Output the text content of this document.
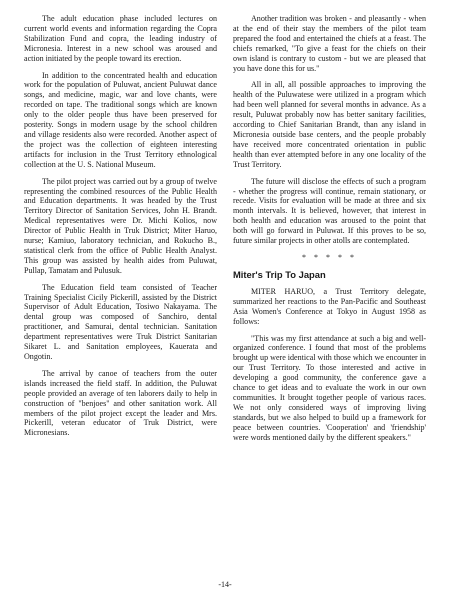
The adult education phase included lectures on current world events and information regarding the Copra Stabilization Fund and copra, the leading industry of Micronesia. Interest in a new school was aroused and action initiated by the people toward its erection.

In addition to the concentrated health and education work for the population of Puluwat, ancient Puluwat dance songs, and medicine, magic, war and love chants, were recorded on tape. The traditional songs which are known only to the older people thus have been preserved for posterity. Songs in modern usage by the school children and village residents also were recorded. Another aspect of the project was the collection of eighteen interesting artifacts for inclusion in the Trust Territory ethnological collection at the U. S. National Museum.

The pilot project was carried out by a group of twelve representing the combined resources of the Public Health and Education departments. It was headed by the Trust Territory Director of Sanitation Services, John H. Brandt. Medical representatives were Dr. Michi Kolios, now Director of Public Health in Truk District; Miter Haruo, nurse; Kamiuo, laboratory technician, and Rokucho B., statistical clerk from the office of Public Health Analyst. This group was assisted by health aides from Puluwat, Pullap, Tamatam and Pulusuk.

The Education field team consisted of Teacher Training Specialist Cicily Pickerill, assisted by the District Supervisor of Adult Education, Tosiwo Nakayama. The dental group was composed of Sanchiro, dental practitioner, and Samurai, dental technician. Sanitation department representatives were Truk District Sanitarian Sikaret L. and Sanitation employees, Kauerata and Ongotin.

The arrival by canoe of teachers from the outer islands increased the field staff. In addition, the Puluwat people provided an average of ten laborers daily to help in construction of "benjoes" and other sanitation work. All members of the pilot project except the leader and Mrs. Pickerill, veteran educator of Truk District, were Micronesians.

Another tradition was broken - and pleasantly - when at the end of their stay the members of the pilot team prepared the food and entertained the chiefs at a feast. The chiefs remarked, "To give a feast for the chiefs on their own island is contrary to custom - but we are pleased that you have done this for us."

All in all, all possible approaches to improving the health of the Puluwatese were utilized in a program which had been well planned for several months in advance. As a result, Puluwat probably now has better sanitary facilities, according to Chief Sanitarian Brandt, than any island in Micronesia outside base centers, and the people probably have received more concentrated orientation in public health than ever attempted before in any one locality of the Trust Territory.

The future will disclose the effects of such a program - whether the progress will continue, remain stationary, or recede. Visits for evaluation will be made at three and six month intervals. It is believed, however, that interest in both health and education was aroused to the point that both will go forward in Puluwat. If this proves to be so, future similar projects in other atolls are contemplated.

* * * * *
Miter's Trip To Japan

MITER HARUO, a Trust Territory delegate, summarized her reactions to the Pan-Pacific and Southeast Asia Women's Conference at Tokyo in August 1958 as follows:

"This was my first attendance at such a big and well-organized conference. I found that most of the problems brought up were identical with those which we encounter in our Trust Territory. To those interested and active in developing a good community, the conference gave a chance to get ideas and to evaluate the work in our own communities. It brought together people of various races. We not only considered ways of improving living standards, but we also helped to build up a framework for peace between countries. 'Cooperation' and 'friendship' were words mentioned daily by the different speakers."

-14-
